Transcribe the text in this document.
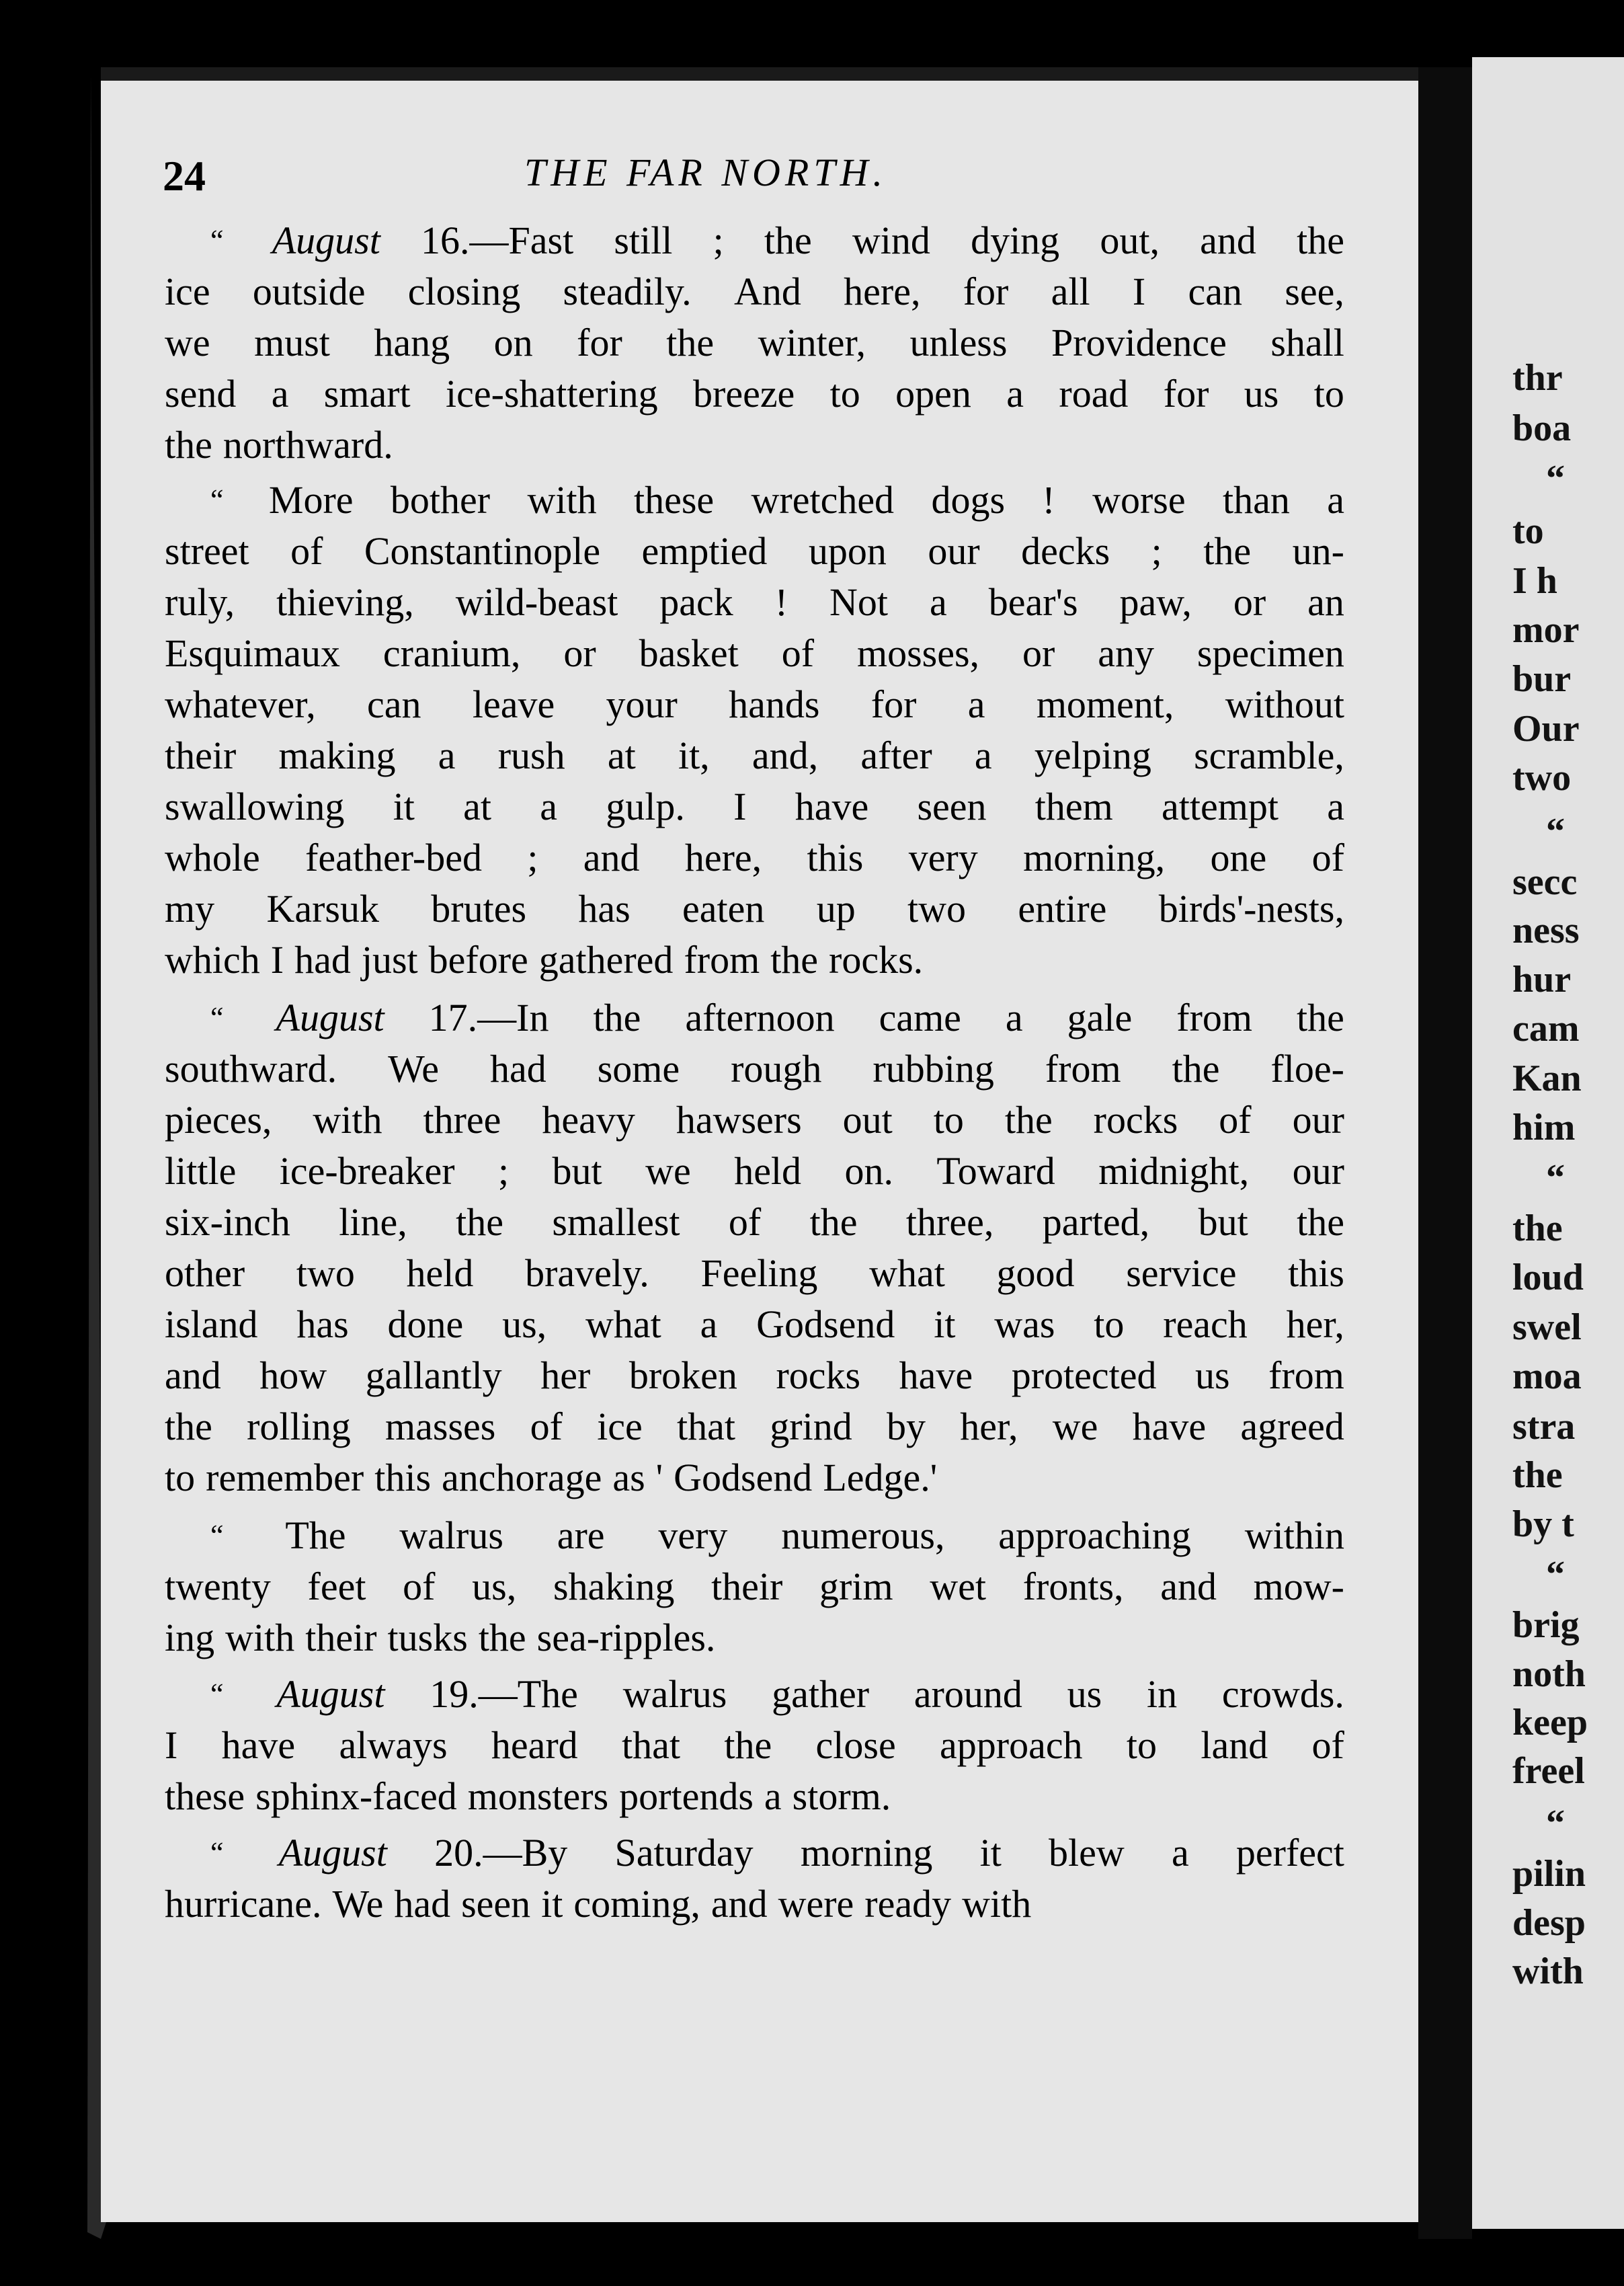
thr
boa
“
to
I h
mor
bur
Our
two
“
secc
ness
hur
cam
Kan
him
“
the
loud
swel
moa
stra
the
by t
“
brig
noth
keep
freel
“
pilin
desp
with
24	THE FAR NORTH.
“ August 16.—Fast still ; the wind dying out, and the
ice outside closing steadily. And here, for all I can see,
we must hang on for the winter, unless Providence shall
send a smart ice-shattering breeze to open a road for us to
the northward.
“ More bother with these wretched dogs ! worse than a
street of Constantinople emptied upon our decks ; the un-
ruly, thieving, wild-beast pack ! Not a bear's paw, or an
Esquimaux cranium, or basket of mosses, or any specimen
whatever, can leave your hands for a moment, without
their making a rush at it, and, after a yelping scramble,
swallowing it at a gulp. I have seen them attempt a
whole feather-bed ; and here, this very morning, one of
my Karsuk brutes has eaten up two entire birds'-nests,
which I had just before gathered from the rocks.
“ August 17.—In the afternoon came a gale from the
southward. We had some rough rubbing from the floe-
pieces, with three heavy hawsers out to the rocks of our
little ice-breaker ; but we held on. Toward midnight, our
six-inch line, the smallest of the three, parted, but the
other two held bravely. Feeling what good service this
island has done us, what a Godsend it was to reach her,
and how gallantly her broken rocks have protected us from
the rolling masses of ice that grind by her, we have agreed
to remember this anchorage as ' Godsend Ledge.'
“ The walrus are very numerous, approaching within
twenty feet of us, shaking their grim wet fronts, and mow-
ing with their tusks the sea-ripples.
“ August 19.—The walrus gather around us in crowds.
I have always heard that the close approach to land of
these sphinx-faced monsters portends a storm.
“ August 20.—By Saturday morning it blew a perfect
hurricane. We had seen it coming, and were ready with
